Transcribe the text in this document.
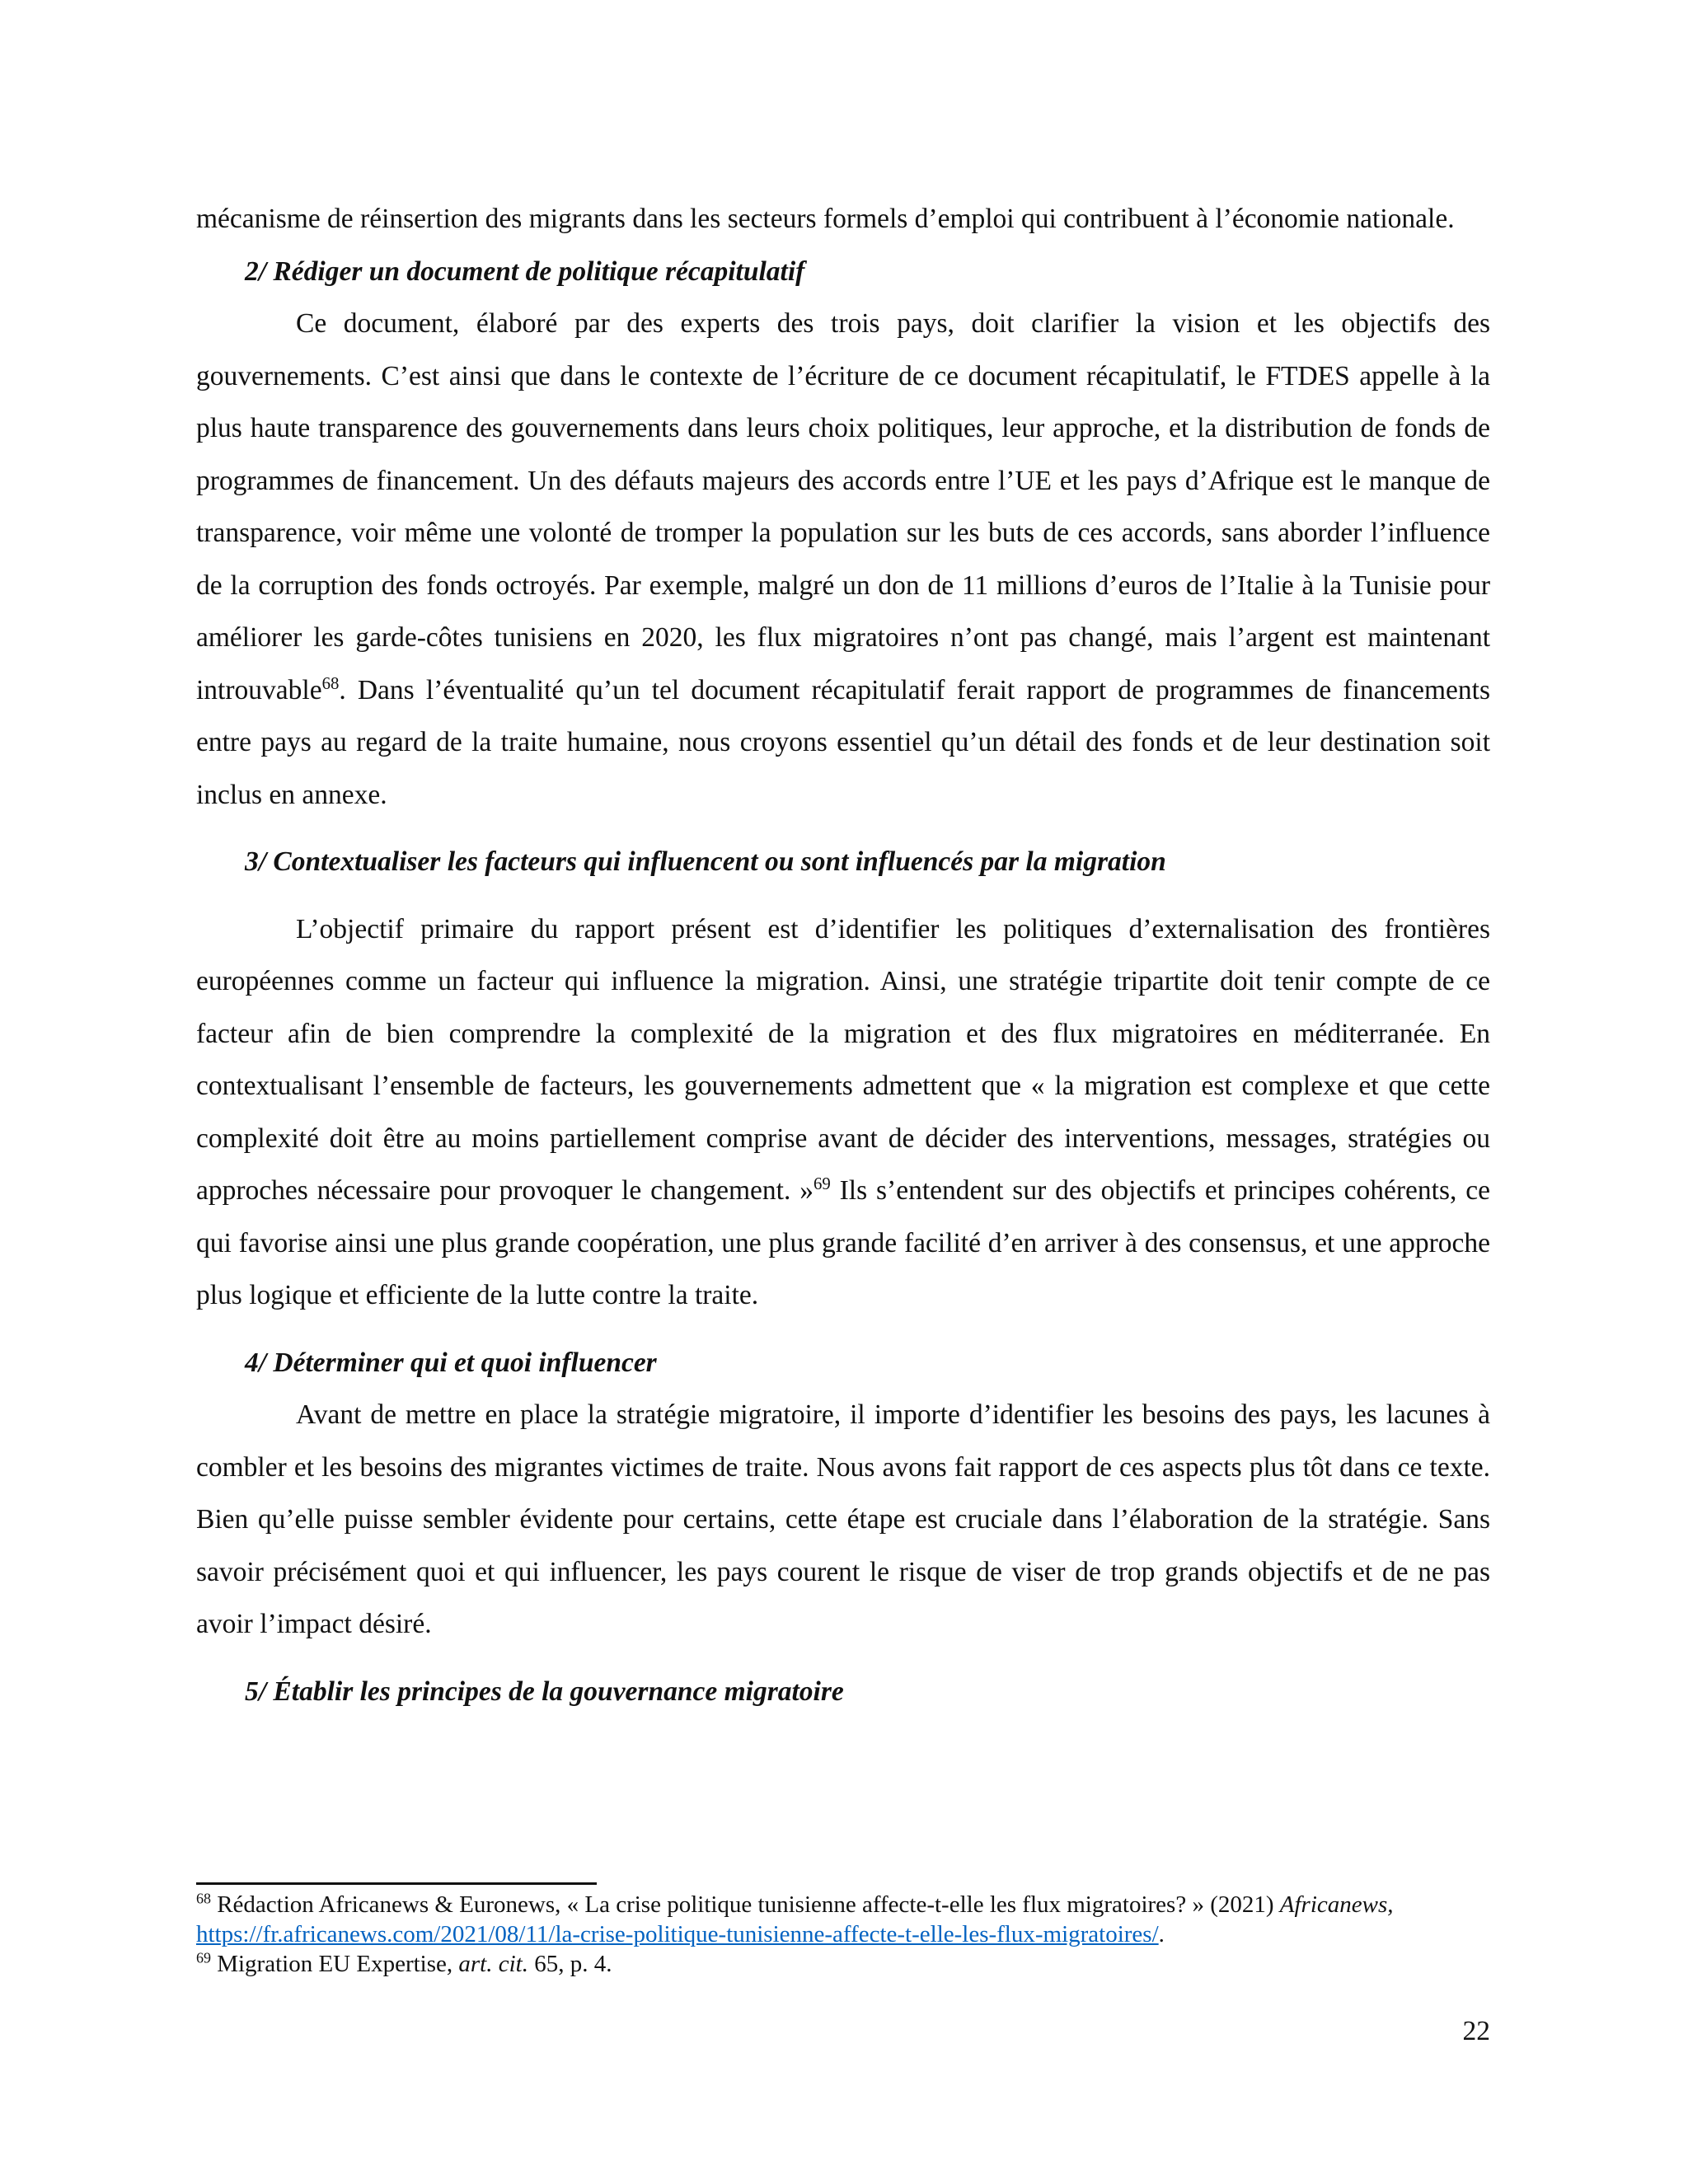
mécanisme de réinsertion des migrants dans les secteurs formels d’emploi qui contribuent à l’économie nationale.

2/ Rédiger un document de politique récapitulatif

Ce document, élaboré par des experts des trois pays, doit clarifier la vision et les objectifs des gouvernements. C’est ainsi que dans le contexte de l’écriture de ce document récapitulatif, le FTDES appelle à la plus haute transparence des gouvernements dans leurs choix politiques, leur approche, et la distribution de fonds de programmes de financement. Un des défauts majeurs des accords entre l’UE et les pays d’Afrique est le manque de transparence, voir même une volonté de tromper la population sur les buts de ces accords, sans aborder l’influence de la corruption des fonds octroyés. Par exemple, malgré un don de 11 millions d’euros de l’Italie à la Tunisie pour améliorer les garde-côtes tunisiens en 2020, les flux migratoires n’ont pas changé, mais l’argent est maintenant introuvable$^{68}$. Dans l’éventualité qu’un tel document récapitulatif ferait rapport de programmes de financements entre pays au regard de la traite humaine, nous croyons essentiel qu’un détail des fonds et de leur destination soit inclus en annexe.

3/ Contextualiser les facteurs qui influencent ou sont influencés par la migration

L’objectif primaire du rapport présent est d’identifier les politiques d’externalisation des frontières européennes comme un facteur qui influence la migration. Ainsi, une stratégie tripartite doit tenir compte de ce facteur afin de bien comprendre la complexité de la migration et des flux migratoires en méditerranée. En contextualisant l’ensemble de facteurs, les gouvernements admettent que « la migration est complexe et que cette complexité doit être au moins partiellement comprise avant de décider des interventions, messages, stratégies ou approches nécessaire pour provoquer le changement. »$^{69}$ Ils s’entendent sur des objectifs et principes cohérents, ce qui favorise ainsi une plus grande coopération, une plus grande facilité d’en arriver à des consensus, et une approche plus logique et efficiente de la lutte contre la traite.

4/ Déterminer qui et quoi influencer

Avant de mettre en place la stratégie migratoire, il importe d’identifier les besoins des pays, les lacunes à combler et les besoins des migrantes victimes de traite. Nous avons fait rapport de ces aspects plus tôt dans ce texte. Bien qu’elle puisse sembler évidente pour certains, cette étape est cruciale dans l’élaboration de la stratégie. Sans savoir précisément quoi et qui influencer, les pays courent le risque de viser de trop grands objectifs et de ne pas avoir l’impact désiré.

5/ Établir les principes de la gouvernance migratoire

$^{68}$ Rédaction Africanews & Euronews, « La crise politique tunisienne affecte-t-elle les flux migratoires? » (2021) Africanews, https://fr.africanews.com/2021/08/11/la-crise-politique-tunisienne-affecte-t-elle-les-flux-migratoires/.

$^{69}$ Migration EU Expertise, art. cit. 65, p. 4.

22
